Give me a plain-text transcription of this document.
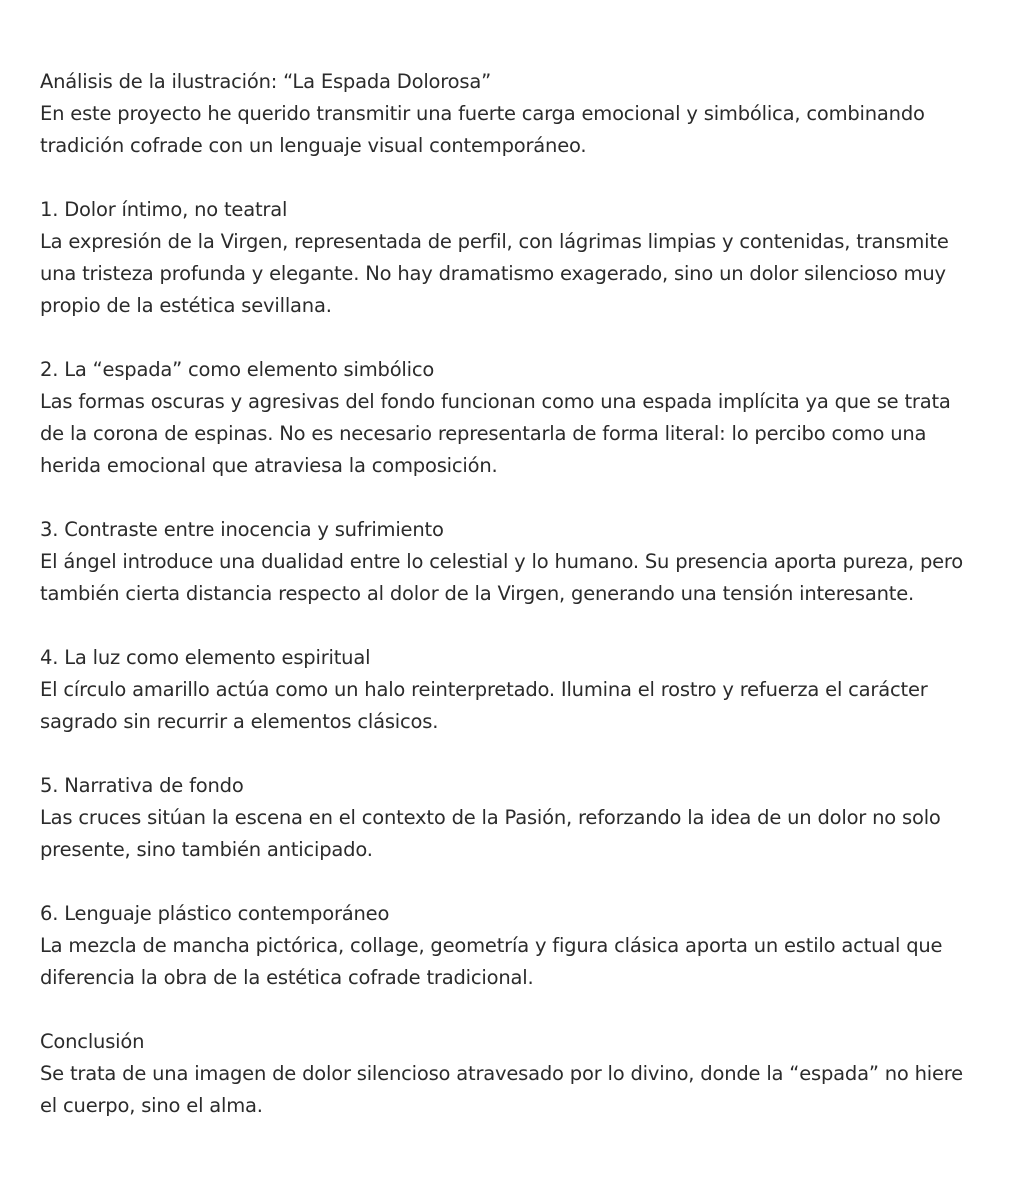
Análisis de la ilustración: “La Espada Dolorosa”
En este proyecto he querido transmitir una fuerte carga emocional y simbólica, combinando
tradición cofrade con un lenguaje visual contemporáneo.
1. Dolor íntimo, no teatral
La expresión de la Virgen, representada de perfil, con lágrimas limpias y contenidas, transmite
una tristeza profunda y elegante. No hay dramatismo exagerado, sino un dolor silencioso muy
propio de la estética sevillana.
2. La “espada” como elemento simbólico
Las formas oscuras y agresivas del fondo funcionan como una espada implícita ya que se trata
de la corona de espinas. No es necesario representarla de forma literal: lo percibo como una
herida emocional que atraviesa la composición.
3. Contraste entre inocencia y sufrimiento
El ángel introduce una dualidad entre lo celestial y lo humano. Su presencia aporta pureza, pero
también cierta distancia respecto al dolor de la Virgen, generando una tensión interesante.
4. La luz como elemento espiritual
El círculo amarillo actúa como un halo reinterpretado. Ilumina el rostro y refuerza el carácter
sagrado sin recurrir a elementos clásicos.
5. Narrativa de fondo
Las cruces sitúan la escena en el contexto de la Pasión, reforzando la idea de un dolor no solo
presente, sino también anticipado.
6. Lenguaje plástico contemporáneo
La mezcla de mancha pictórica, collage, geometría y figura clásica aporta un estilo actual que
diferencia la obra de la estética cofrade tradicional.
Conclusión
Se trata de una imagen de dolor silencioso atravesado por lo divino, donde la “espada” no hiere
el cuerpo, sino el alma.
